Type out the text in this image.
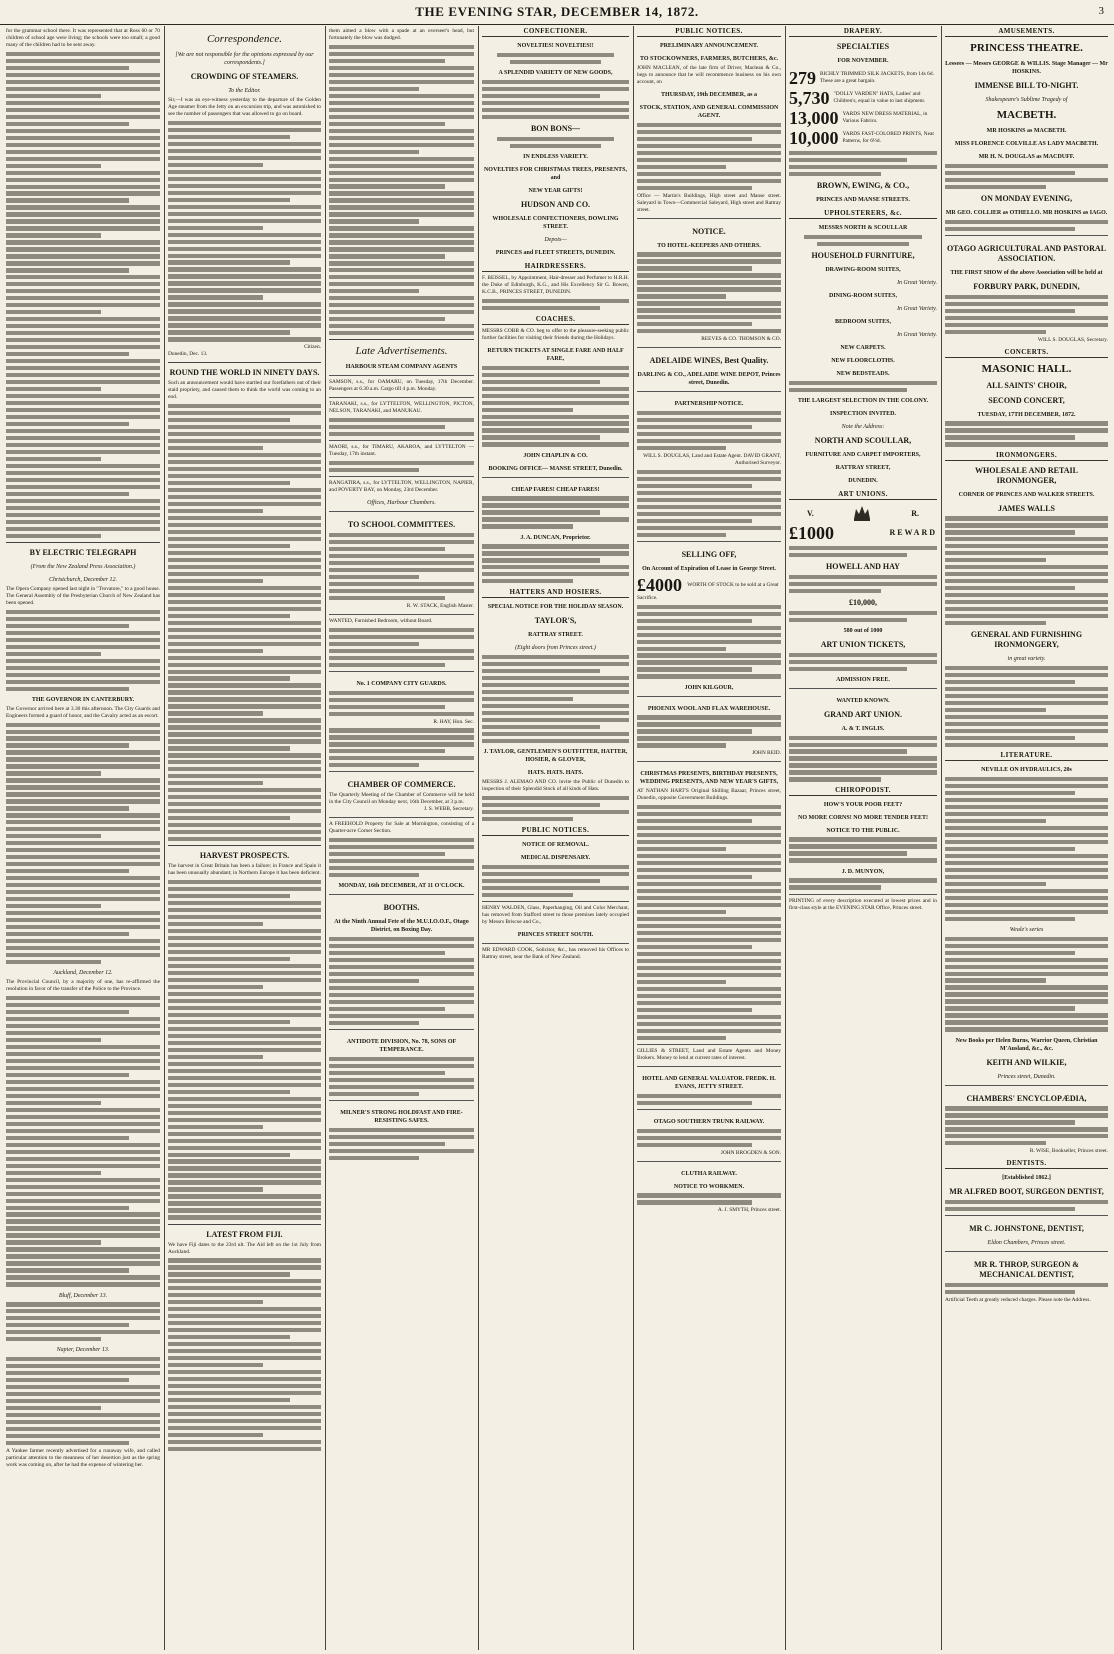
THE EVENING STAR, DECEMBER 14, 1872.	3
for the grammar school there. It was represented that at Ross 60 or 70 children of school age were living; the schools were too small; a good many of the children had to be sent away.
BY ELECTRIC TELEGRAPH
(From the New Zealand Press Association.)
Christchurch, December 12.
The Opera Company opened last night in "Trovatore," to a good house. The General Assembly of the Presbyterian Church of New Zealand has been opened.
THE GOVERNOR IN CANTERBURY.
The Governor arrived here at 3.30 this afternoon. The City Guards and Engineers formed a guard of honor, and the Cavalry acted as an escort.
Auckland, December 12.
The Provincial Council, by a majority of one, has re-affirmed the resolution in favor of the transfer of the Police to the Province.
Bluff, December 13.
Napier, December 13.
A Yankee farmer recently advertised for a runaway wife, and called particular attention to the meanness of her desertion just as the spring work was coming on, after he had the expense of wintering her.
Correspondence.
[We are not responsible for the opinions expressed by our correspondents.]
CROWDING OF STEAMERS.
To the Editor.
Sir,—I was an eye-witness yesterday to the departure of the Golden Age steamer from the Jetty on an excursion trip, and was astonished to see the number of passengers that was allowed to go on board.
Citizen.
Dunedin, Dec. 13.
ROUND THE WORLD IN NINETY DAYS.
Such an announcement would have startled our forefathers out of their staid propriety, and caused them to think the world was coming to an end.
HARVEST PROSPECTS.
The harvest in Great Britain has been a failure; in France and Spain it has been unusually abundant; in Northern Europe it has been deficient.
LATEST FROM FIJI.
We have Fiji dates to the 23rd ult. The Aid left on the 1st July from Auckland.
them aimed a blow with a spade at an overseer's head, but fortunately the blow was dodged.
Late Advertisements.
HARBOUR STEAM COMPANY AGENTS
SAMSON, s.s., for OAMARU, on Tuesday, 17th December. Passengers at 6.30 a.m. Cargo till 4 p.m. Monday.
TARANAKI, s.s., for LYTTELTON, WELLINGTON, PICTON, NELSON, TARANAKI, and MANUKAU.
MAORI, s.s., for TIMARU, AKAROA, and LYTTELTON — Tuesday, 17th instant.
RANGATIRA, s.s., for LYTTELTON, WELLINGTON, NAPIER, and POVERTY BAY, on Monday, 23rd December.
Offices, Harbour Chambers.
TO SCHOOL COMMITTEES.
R. W. STACK, English Master.
WANTED, Furnished Bedroom, without Board.
No. 1 COMPANY CITY GUARDS.
R. HAY, Hon. Sec.
CHAMBER OF COMMERCE.
The Quarterly Meeting of the Chamber of Commerce will be held in the City Council on Monday next, 16th December, at 3 p.m.
J. S. WEBB, Secretary.
A FREEHOLD Property for Sale at Mornington, consisting of a Quarter-acre Corner Section.
MONDAY, 16th DECEMBER, AT 11 O'CLOCK.
BOOTHS.
At the Ninth Annual Fete of the M.U.I.O.O.F., Otago District, on Boxing Day.
ANTIDOTE DIVISION, No. 78, SONS OF TEMPERANCE.
MILNER'S STRONG HOLDFAST AND FIRE-RESISTING SAFES.
CONFECTIONER.
NOVELTIES! NOVELTIES!!
A SPLENDID VARIETY OF NEW GOODS,
BON BONS—
IN ENDLESS VARIETY.
NOVELTIES FOR CHRISTMAS TREES, PRESENTS, and
NEW YEAR GIFTS!
HUDSON AND CO.
WHOLESALE CONFECTIONERS, DOWLING STREET.
Depots—
PRINCES and FLEET STREETS, DUNEDIN.
HAIRDRESSERS.
F. BEISSEL, by Appointment, Hair-dresser and Perfumer to H.R.H. the Duke of Edinburgh, K.G., and His Excellency Sir G. Bowen, K.C.B., PRINCES STREET, DUNEDIN.
COACHES.
MESSRS COBB & CO. beg to offer to the pleasure-seeking public further facilities for visiting their friends during the Holidays.
RETURN TICKETS AT SINGLE FARE AND HALF FARE,
JOHN CHAPLIN & CO.
BOOKING OFFICE— MANSE STREET, Dunedin.
CHEAP FARES! CHEAP FARES!
J. A. DUNCAN, Proprietor.
HATTERS AND HOSIERS.
SPECIAL NOTICE FOR THE HOLIDAY SEASON.
TAYLOR'S,
RATTRAY STREET.
(Eight doors from Princes street.)
J. TAYLOR, GENTLEMEN'S OUTFITTER, HATTER, HOSIER, & GLOVER,
HATS. HATS. HATS.
MESSRS J. ALEMAO AND CO. invite the Public of Dunedin to inspection of their Splendid Stock of all kinds of Hats.
PUBLIC NOTICES.
NOTICE OF REMOVAL.
MEDICAL DISPENSARY.
HENRY WALDEN, Glass, Paperhanging, Oil and Color Merchant, has removed from Stafford street to those premises lately occupied by Messrs Briscoe and Co.,
PRINCES STREET SOUTH.
MR EDWARD COOK, Solicitor, &c., has removed his Offices to Rattray street, near the Bank of New Zealand.
PUBLIC NOTICES.
PRELIMINARY ANNOUNCEMENT.
TO STOCKOWNERS, FARMERS, BUTCHERS, &c.
JOHN MACLEAN, of the late firm of Driver, Maclean & Co., begs to announce that he will recommence business on his own account, on
THURSDAY, 19th DECEMBER, as a
STOCK, STATION, AND GENERAL COMMISSION AGENT.
Office — Martin's Buildings, High street and Manse street. Saleyard in Town—Commercial Saleyard, High street and Rattray street.
NOTICE.
TO HOTEL-KEEPERS AND OTHERS.
REEVES & CO. THOMSON & CO.
ADELAIDE WINES, Best Quality.
DARLING & CO., ADELAIDE WINE DEPOT, Princes street, Dunedin.
PARTNERSHIP NOTICE.
WILL S. DOUGLAS, Land and Estate Agent. DAVID GRANT, Authorised Surveyor.
SELLING OFF,
On Account of Expiration of Lease in George Street.
£4000 WORTH OF STOCK to be sold at a Great Sacrifice.
JOHN KILGOUR,
PHOENIX WOOL AND FLAX WAREHOUSE.
JOHN REID.
CHRISTMAS PRESENTS, BIRTHDAY PRESENTS, WEDDING PRESENTS, AND NEW YEAR'S GIFTS,
AT NATHAN HART'S Original Shilling Bazaar, Princes street, Dunedin, opposite Government Buildings.
GILLIES & STREET, Land and Estate Agents and Money Brokers. Money to lend at current rates of interest.
HOTEL AND GENERAL VALUATOR. FREDK. H. EVANS, JETTY STREET.
OTAGO SOUTHERN TRUNK RAILWAY.
JOHN BROGDEN & SON.
CLUTHA RAILWAY.
NOTICE TO WORKMEN.
A. J. SMYTH, Princes street.
DRAPERY.
SPECIALTIES
FOR NOVEMBER.
279 RICHLY TRIMMED SILK JACKETS, from 14s 6d. These are a great bargain.
5,730 "DOLLY VARDEN" HATS, Ladies' and Children's, equal in value to last shipment.
13,000 YARDS NEW DRESS MATERIAL, in Various Fabrics.
10,000 YARDS FAST-COLORED PRINTS, Neat Patterns, for 6½d.
BROWN, EWING, & CO.,
PRINCES AND MANSE STREETS.
UPHOLSTERERS, &c.
MESSRS NORTH & SCOULLAR
HOUSEHOLD FURNITURE,
DRAWING-ROOM SUITES,
In Great Variety.
DINING-ROOM SUITES,
In Great Variety.
BEDROOM SUITES,
In Great Variety.
NEW CARPETS.
NEW FLOORCLOTHS.
NEW BEDSTEADS.
THE LARGEST SELECTION IN THE COLONY.
INSPECTION INVITED.
Note the Address:
NORTH AND SCOULLAR,
FURNITURE AND CARPET IMPORTERS,
RATTRAY STREET,
DUNEDIN.
ART UNIONS.
V.	R.
£1000	REWARD
HOWELL AND HAY
£10,000,
580 out of 1000
ART UNION TICKETS,
ADMISSION FREE.
WANTED KNOWN.
GRAND ART UNION.
A. & T. INGLIS.
CHIROPODIST.
HOW'S YOUR POOR FEET?
NO MORE CORNS! NO MORE TENDER FEET!
NOTICE TO THE PUBLIC.
J. D. MUNYON,
PRINTING of every description executed at lowest prices and in first-class style at the EVENING STAR Office, Princes street.
AMUSEMENTS.
PRINCESS THEATRE.
Lessees — Messrs GEORGE & WILLIS. Stage Manager — Mr HOSKINS.
IMMENSE BILL TO-NIGHT.
Shakespeare's Sublime Tragedy of
MACBETH.
MR HOSKINS as MACBETH.
MISS FLORENCE COLVILLE AS LADY MACBETH.
MR H. N. DOUGLAS as MACDUFF.
ON MONDAY EVENING,
MR GEO. COLLIER as OTHELLO. MR HOSKINS as IAGO.
OTAGO AGRICULTURAL AND PASTORAL ASSOCIATION.
THE FIRST SHOW of the above Association will be held at
FORBURY PARK, DUNEDIN,
WILL S. DOUGLAS, Secretary.
CONCERTS.
MASONIC HALL.
ALL SAINTS' CHOIR,
SECOND CONCERT,
TUESDAY, 17TH DECEMBER, 1872.
IRONMONGERS.
WHOLESALE AND RETAIL IRONMONGER,
CORNER OF PRINCES AND WALKER STREETS.
JAMES WALLS
GENERAL AND FURNISHING IRONMONGERY,
in great variety.
LITERATURE.
NEVILLE ON HYDRAULICS, 20s
Weale's series
New Books per Helen Burns, Warrior Queen, Christian M'Ausland, &c., &c.
KEITH AND WILKIE,
Princes street, Dunedin.
CHAMBERS' ENCYCLOPÆDIA,
R. WISE, Bookseller, Princes street.
DENTISTS.
[Established 1862.]
MR ALFRED BOOT, SURGEON DENTIST,
MR C. JOHNSTONE, DENTIST,
Eldon Chambers, Princes street.
MR R. THROP, SURGEON & MECHANICAL DENTIST,
Artificial Teeth at greatly reduced charges. Please note the Address.
